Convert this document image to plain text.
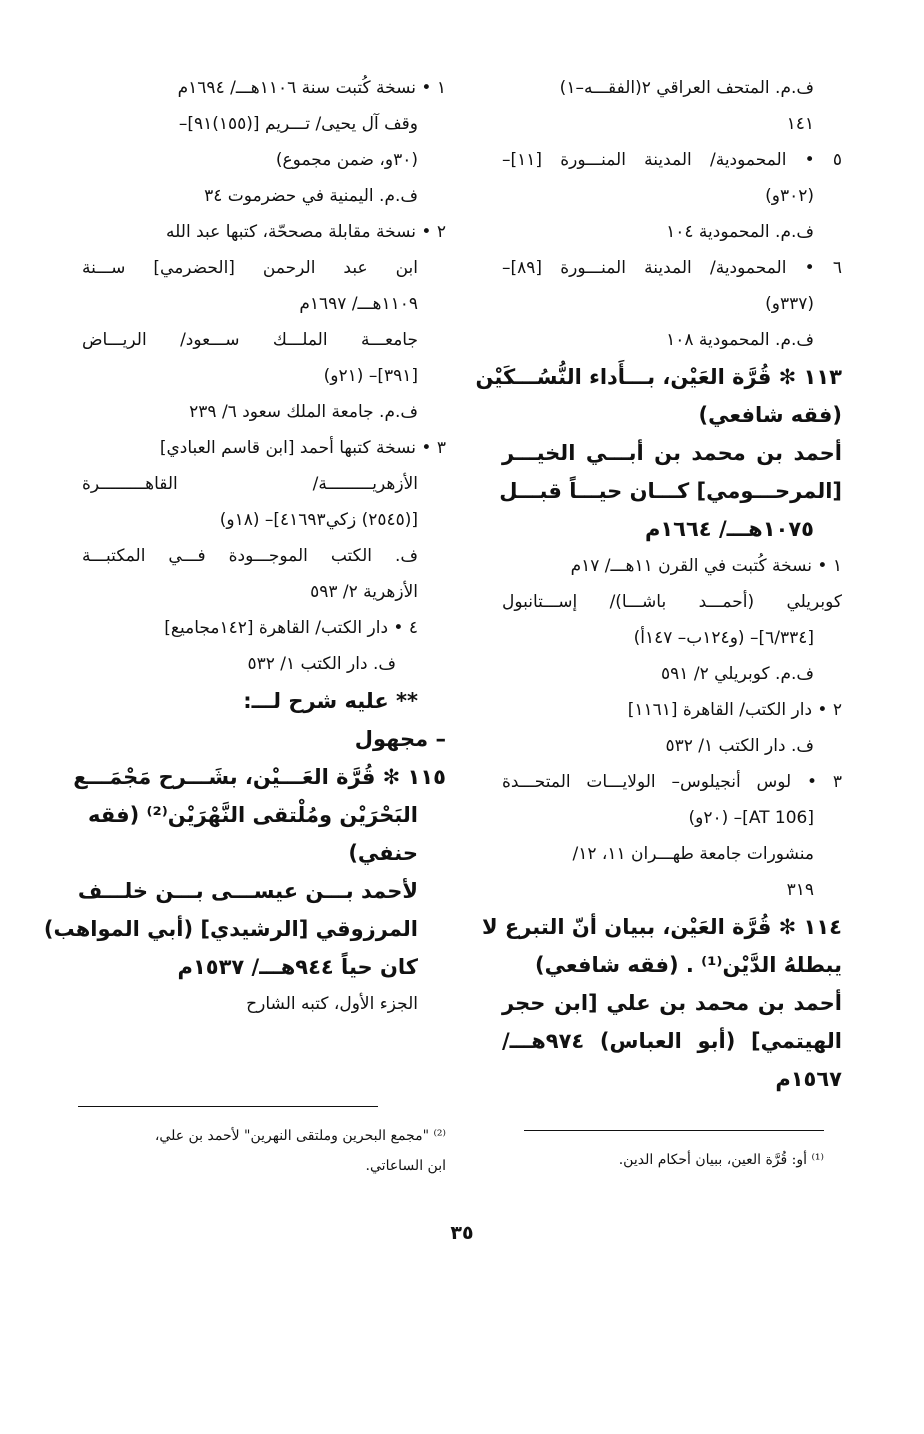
ف.م. المتحف العراقي ٢(الفقـــه–١)
١٤١
٥ • المحمودية/ المدينة المنـــورة [١١]–
(٣٠٢و)
ف.م. المحمودية ١٠٤
٦ • المحمودية/ المدينة المنـــورة [٨٩]–
(٣٣٧و)
ف.م. المحمودية ١٠٨
١١٣ ✻ قُرَّة العَيْن، بـــأَداء النُّسُـــكَيْن
(فقه شافعي)
أحمد بن محمد بن أبـــي الخيـــر
[المرحـــومي] كـــان حيـــاً قبـــل
١٠٧٥هـــ/ ١٦٦٤م
١ • نسخة كُتبت في القرن ١١هـــ/ ١٧م
كوبريلي (أحمـــد باشـــا)/ إســـتانبول
[٦/٣٣٤]– (و١٢٤ب– ١٤٧أ)
ف.م. كوبريلي ٢/ ٥٩١
٢ • دار الكتب/ القاهرة [١١٦١]
ف. دار الكتب ١/ ٥٣٢
٣ • لوس أنجيلوس– الولايـــات المتحـــدة
[AT 106]– (٢٠و)
منشورات جامعة طهـــران ١١، ١٢/
٣١٩
١١٤ ✻ قُرَّة العَيْن، ببيان أنّ التبرع لا
يبطلهُ الدَّيْن⁽¹⁾ . (فقه شافعي)
أحمد بن محمد بن علي [ابن حجر
الهيتمي] (أبو العباس) ٩٧٤هـــ/
١٥٦٧م
١ • نسخة كُتبت سنة ١١٠٦هـــ/ ١٦٩٤م
وقف آل يحيى/ تـــريم [(١٥٥)٩١]–
(٣٠و، ضمن مجموع)
ف.م. اليمنية في حضرموت ٣٤
٢ • نسخة مقابلة مصححّة، كتبها عبد الله
ابن عبد الرحمن [الحضرمي] ســـنة
١١٠٩هـــ/ ١٦٩٧م
جامعـــة الملـــك ســـعود/ الريـــاض
[٣٩١]– (٢١و)
ف.م. جامعة الملك سعود ٦/ ٢٣٩
٣ • نسخة كتبها أحمد [ابن قاسم العبادي]
الأزهريـــــــــة/ القاهـــــــــرة
[(٢٥٤٥) زكي٤١٦٩٣]– (١٨و)
ف. الكتب الموجـــودة فـــي المكتبـــة
الأزهرية ٢/ ٥٩٣
٤ • دار الكتب/ القاهرة [١٤٢مجاميع]
ف. دار الكتب ١/ ٥٣٢
** عليه شرح لـــ:
– مجهول
١١٥ ✻ قُرَّة العَـــيْن، بشَـــرح مَجْمَـــع
البَحْرَيْن ومُلْتقى النَّهْرَيْن⁽²⁾ (فقه
حنفي)
لأحمد بـــن عيســـى بـــن خلـــف
المرزوقي [الرشيدي] (أبي المواهب)
كان حياً ٩٤٤هـــ/ ١٥٣٧م
الجزء الأول، كتبه الشارح
⁽¹⁾ أو: قُرَّة العين، ببيان أحكام الدين.
⁽²⁾ "مجمع البحرين وملتقى النهرين" لأحمد بن علي،
ابن الساعاتي.
٣٥
